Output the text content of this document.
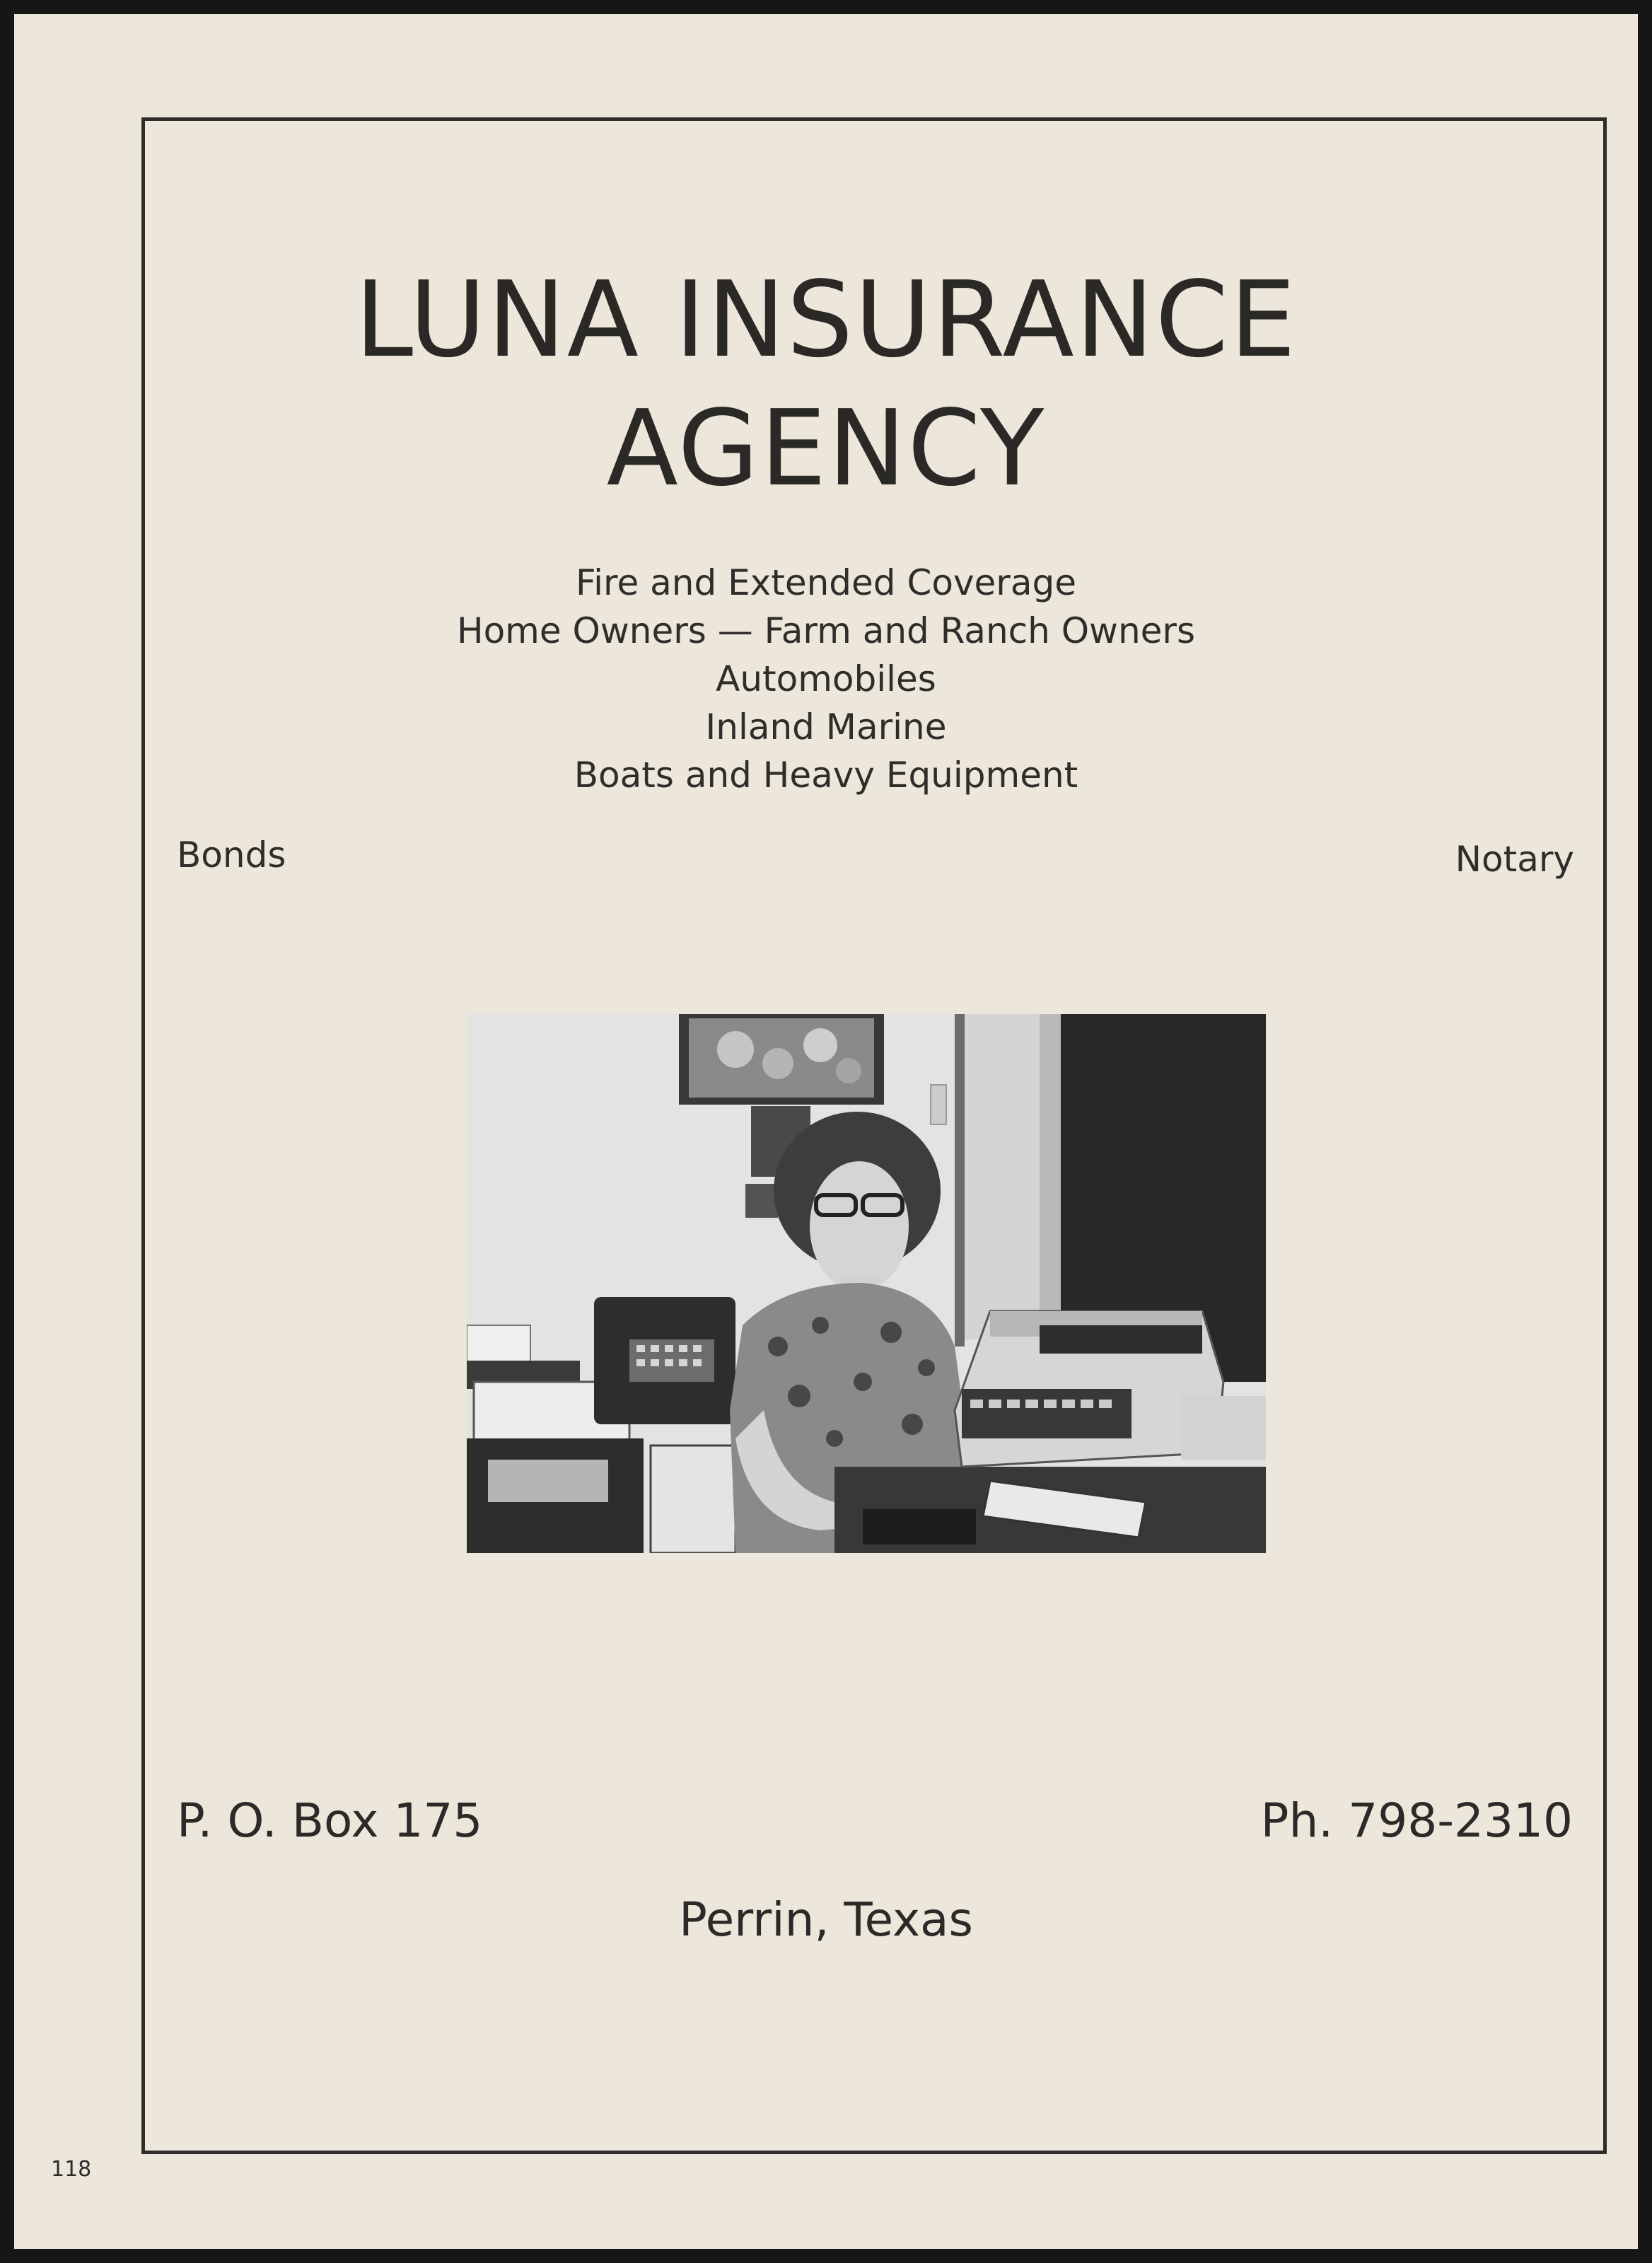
LUNA INSURANCE
AGENCY
Fire and Extended Coverage
Home Owners — Farm and Ranch Owners
Automobiles
Inland Marine
Boats and Heavy Equipment
Bonds	Notary
P. O. Box 175	Ph. 798-2310
Perrin, Texas
118
